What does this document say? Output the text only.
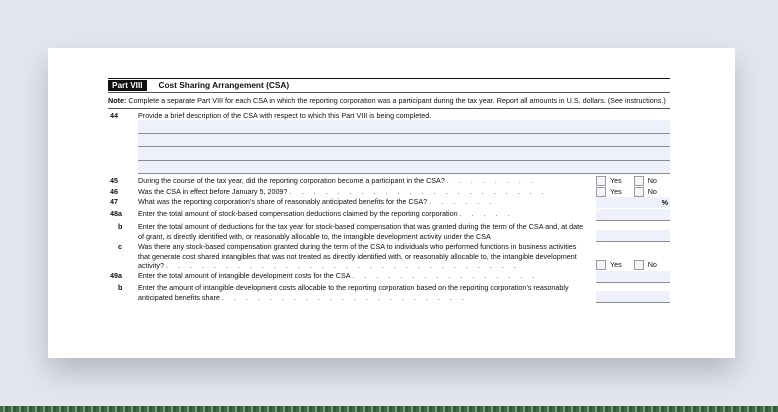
Part VIII	Cost Sharing Arrangement (CSA)
Note: Complete a separate Part VIII for each CSA in which the reporting corporation was a participant during the tax year. Report all amounts in U.S. dollars. (See instructions.)
44	Provide a brief description of the CSA with respect to which this Part VIII is being completed.
45	During the course of the tax year, did the reporting corporation become a participant in the CSA? . . . . . . . .	Yes
	No
46	Was the CSA in effect before January 5, 2009? . . . . . . . . . . . . . . . . . . . . . .	Yes
	No
47	What was the reporting corporation’s share of reasonably anticipated benefits for the CSA? . . . . . .	%
48a	Enter the total amount of stock-based compensation deductions claimed by the reporting corporation . . . . .
b	Enter the total amount of deductions for the tax year for stock-based compensation that was granted during the term of the CSA and, at date of grant, is directly identified with, or reasonably allocable to, the intangible development activity under the CSA
c	Was there any stock-based compensation granted during the term of the CSA to individuals who performed functions in business activities that generate cost shared intangibles that was not treated as directly identified with, or reasonably allocable to, the intangible development activity? . . . . . . . . . . . . . . . . . . . . . . . . . . . . . .	Yes
	No
49a	Enter the total amount of intangible development costs for the CSA . . . . . . . . . . . . . . . .
b	Enter the amount of intangible development costs allocable to the reporting corporation based on the reporting corporation’s reasonably anticipated benefits share . . . . . . . . . . . . . . . . . . . . .
